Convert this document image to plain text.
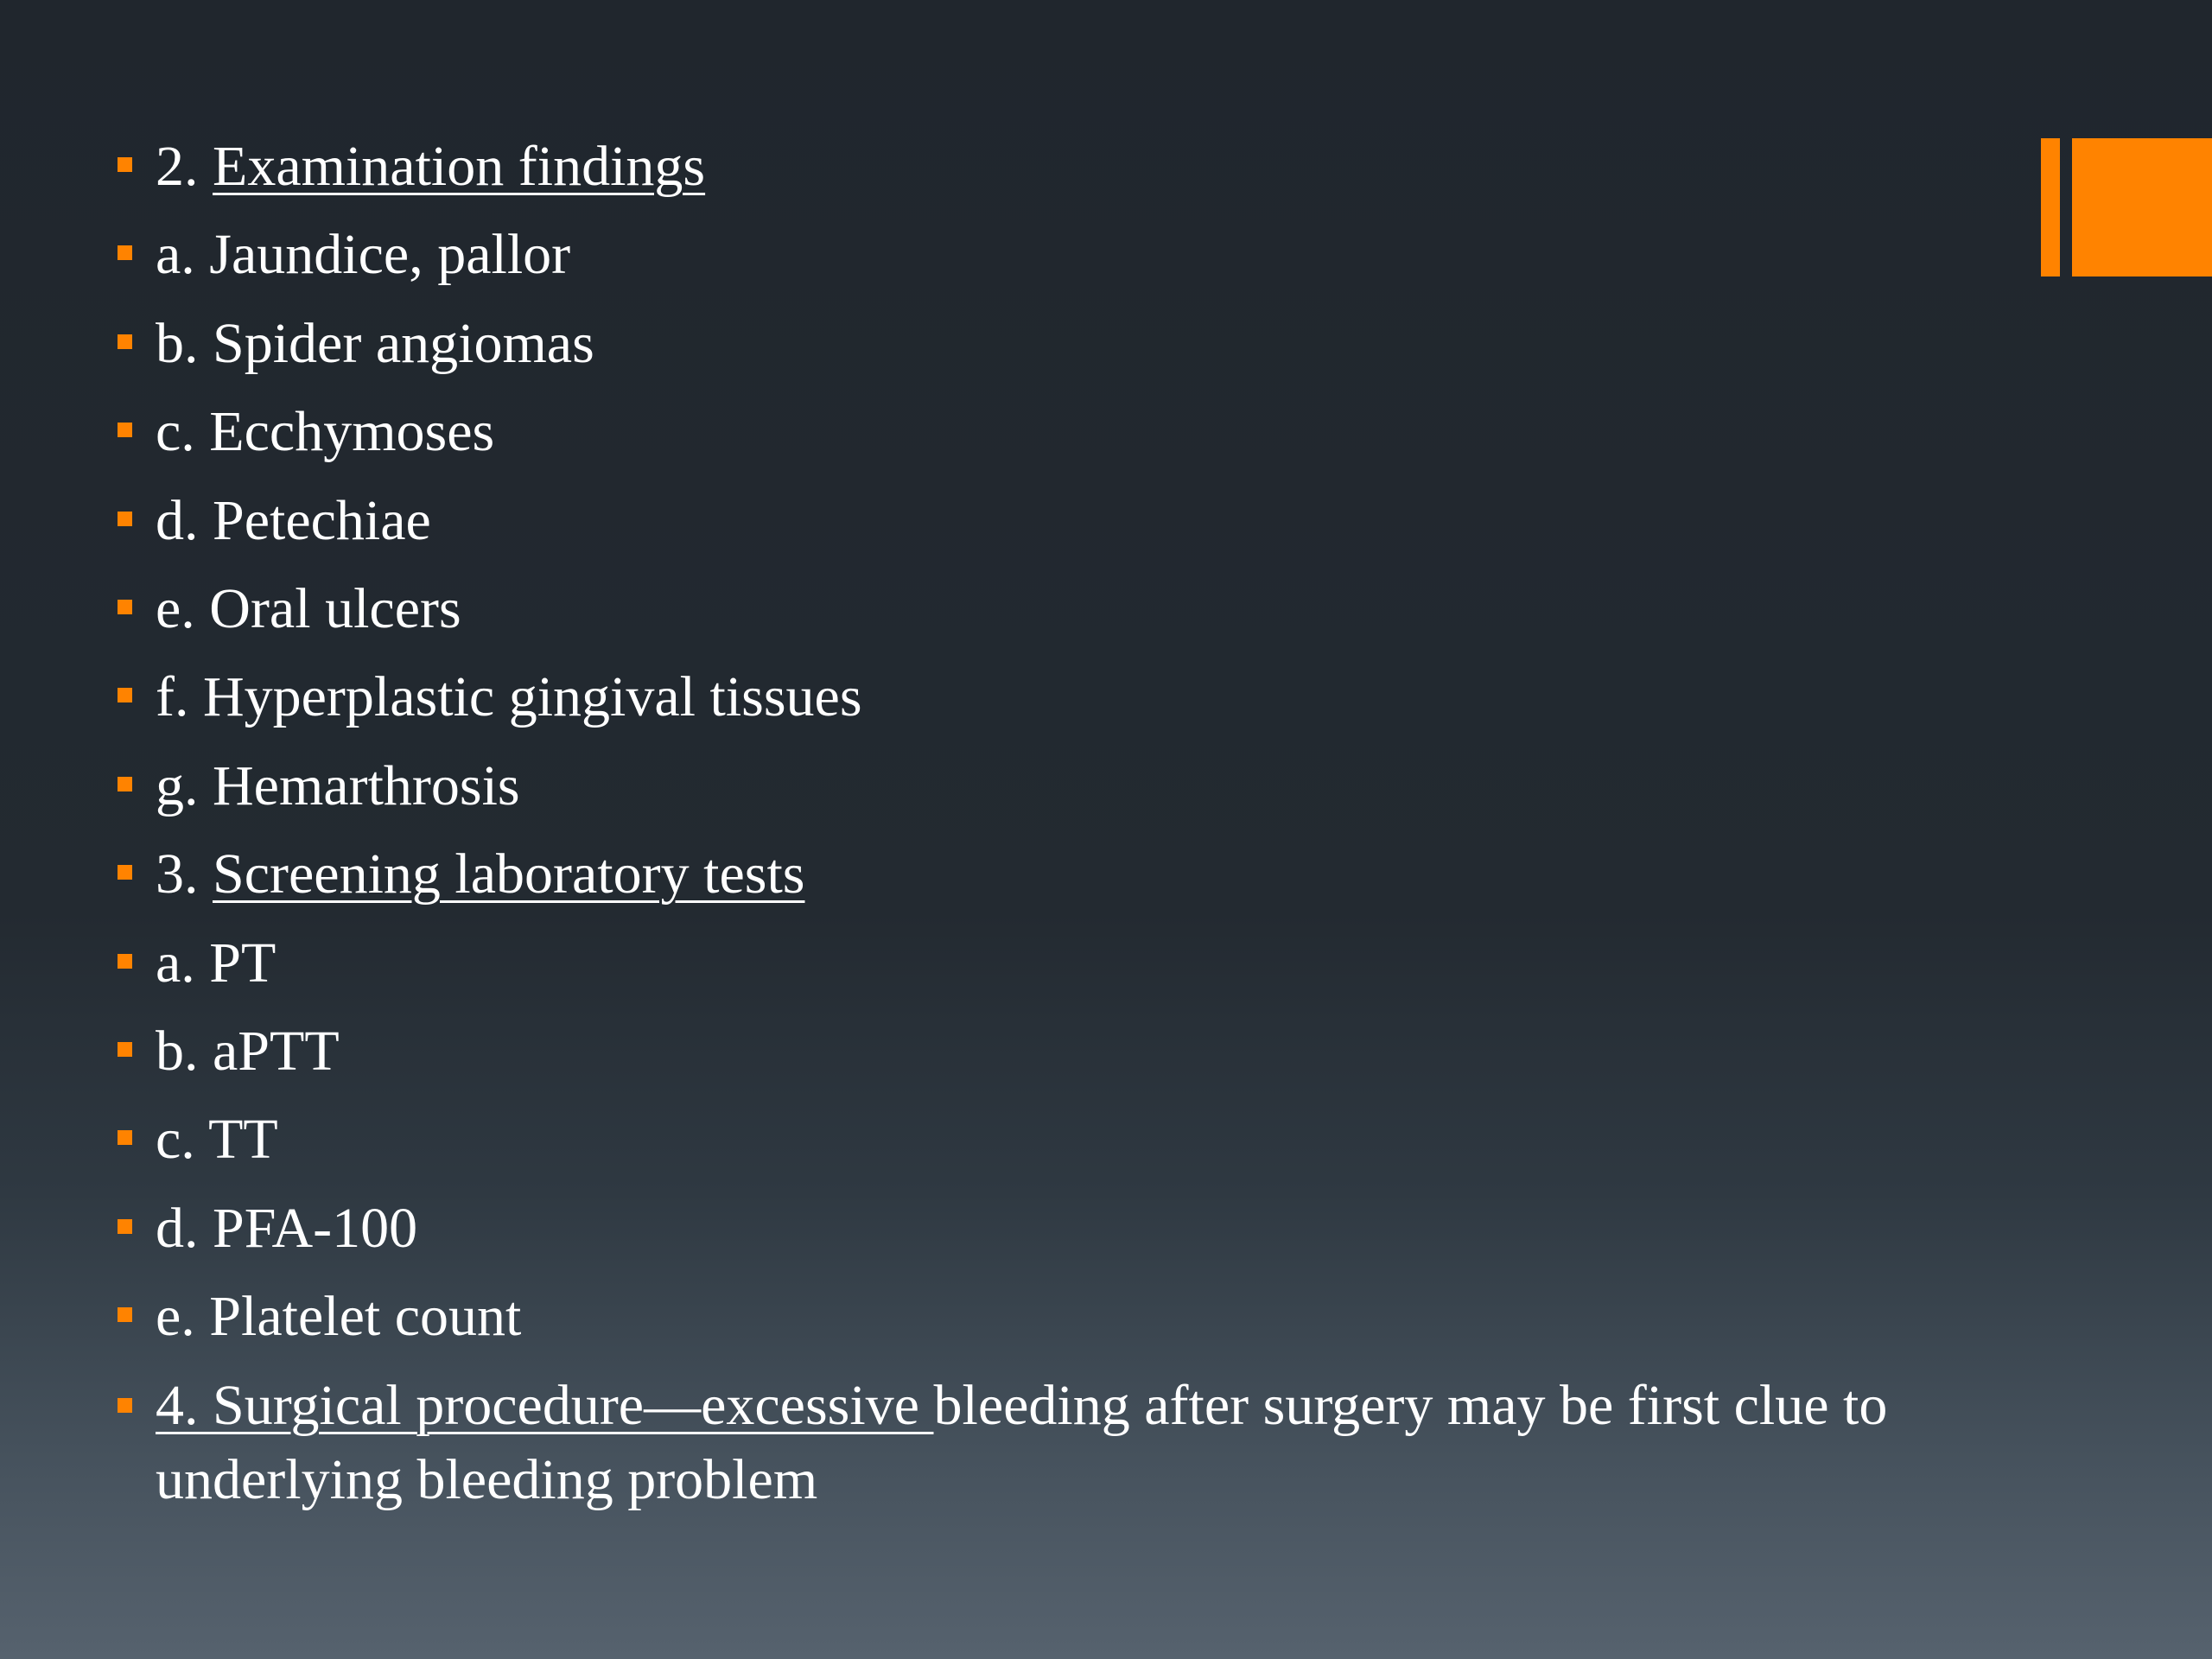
2. Examination findings
a. Jaundice, pallor
b. Spider angiomas
c. Ecchymoses
d. Petechiae
e. Oral ulcers
f. Hyperplastic gingival tissues
g. Hemarthrosis
3. Screening laboratory tests
a. PT
b. aPTT
c. TT
d. PFA-100
e. Platelet count
4. Surgical procedure—excessive bleeding after surgery may be first clue to underlying bleeding problem
